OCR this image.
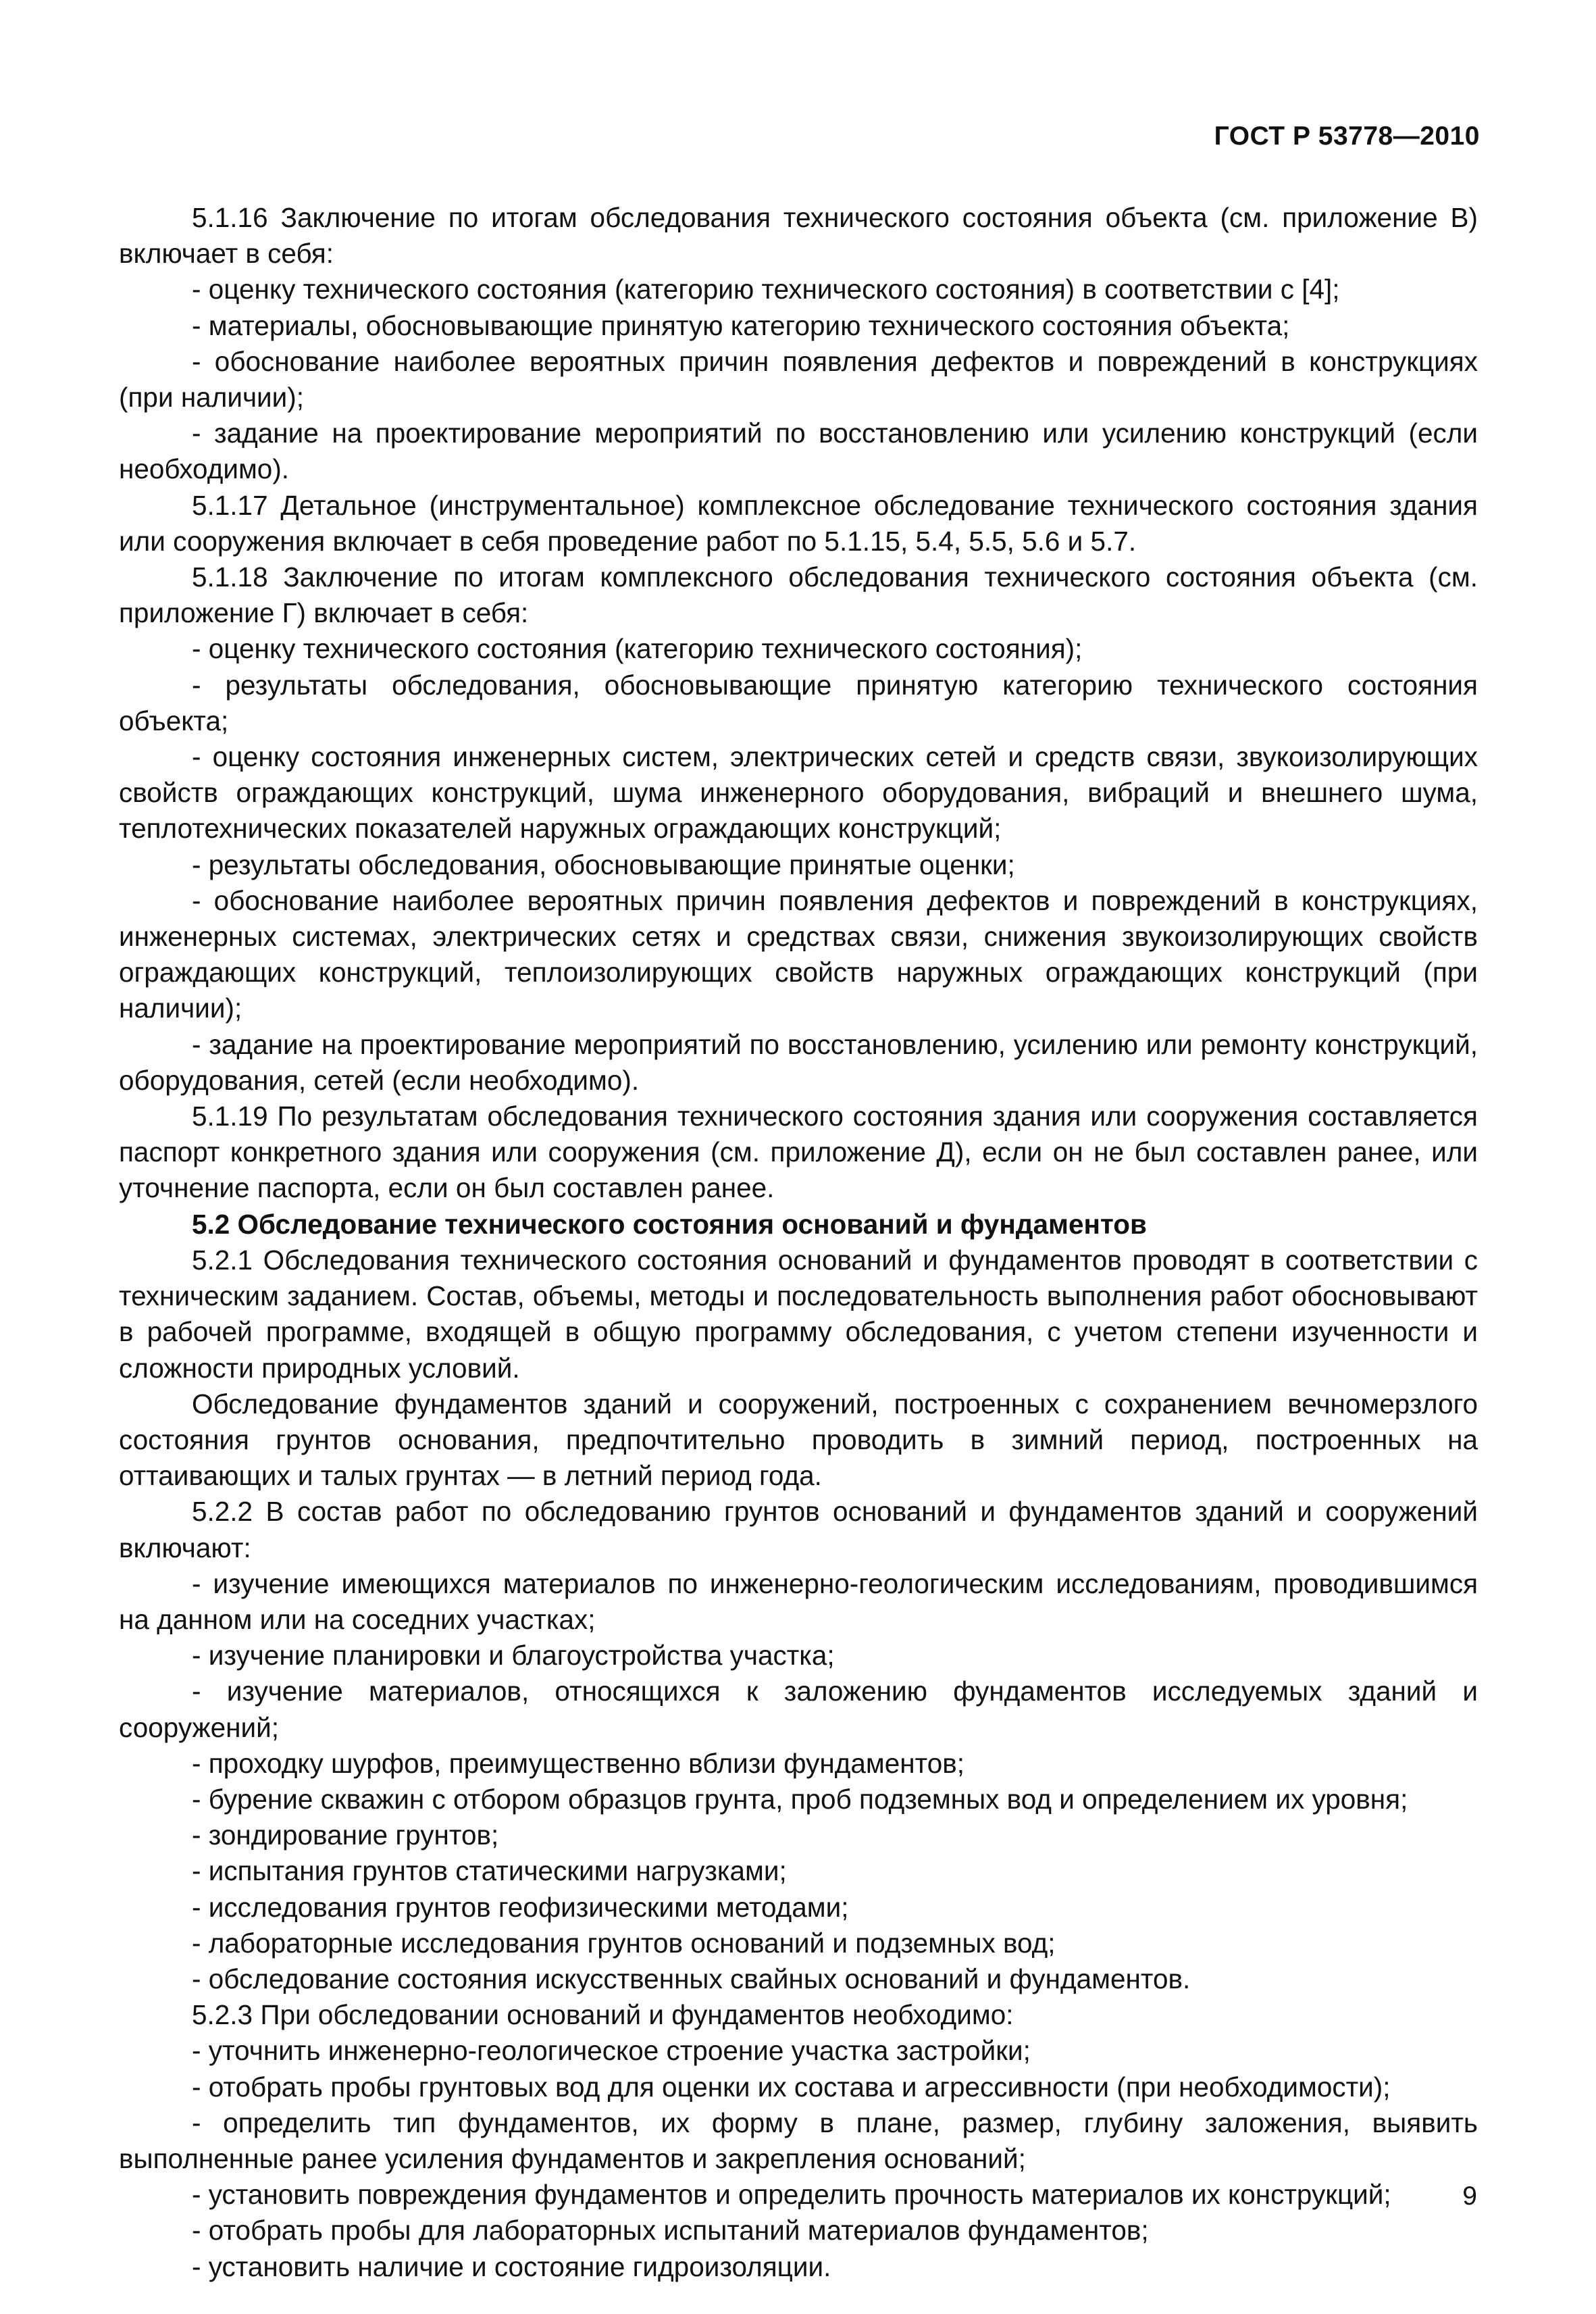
ГОСТ Р 53778—2010

5.1.16 Заключение по итогам обследования технического состояния объекта (см. приложение В) включает в себя:

- оценку технического состояния (категорию технического состояния) в соответствии с [4];

- материалы, обосновывающие принятую категорию технического состояния объекта;

- обоснование наиболее вероятных причин появления дефектов и повреждений в конструкциях (при наличии);

- задание на проектирование мероприятий по восстановлению или усилению конструкций (если необходимо).

5.1.17 Детальное (инструментальное) комплексное обследование технического состояния здания или сооружения включает в себя проведение работ по 5.1.15, 5.4, 5.5, 5.6 и 5.7.

5.1.18 Заключение по итогам комплексного обследования технического состояния объекта (см. приложение Г) включает в себя:

- оценку технического состояния (категорию технического состояния);

- результаты обследования, обосновывающие принятую категорию технического состояния объекта;

- оценку состояния инженерных систем, электрических сетей и средств связи, звукоизолирующих свойств ограждающих конструкций, шума инженерного оборудования, вибраций и внешнего шума, теплотехнических показателей наружных ограждающих конструкций;

- результаты обследования, обосновывающие принятые оценки;

- обоснование наиболее вероятных причин появления дефектов и повреждений в конструкциях, инженерных системах, электрических сетях и средствах связи, снижения звукоизолирующих свойств ограждающих конструкций, теплоизолирующих свойств наружных ограждающих конструкций (при наличии);

- задание на проектирование мероприятий по восстановлению, усилению или ремонту конструкций, оборудования, сетей (если необходимо).

5.1.19 По результатам обследования технического состояния здания или сооружения составляется паспорт конкретного здания или сооружения (см. приложение Д), если он не был составлен ранее, или уточнение паспорта, если он был составлен ранее.

5.2 Обследование технического состояния оснований и фундаментов

5.2.1 Обследования технического состояния оснований и фундаментов проводят в соответствии с техническим заданием. Состав, объемы, методы и последовательность выполнения работ обосновывают в рабочей программе, входящей в общую программу обследования, с учетом степени изученности и сложности природных условий.

Обследование фундаментов зданий и сооружений, построенных с сохранением вечномерзлого состояния грунтов основания, предпочтительно проводить в зимний период, построенных на оттаивающих и талых грунтах — в летний период года.

5.2.2 В состав работ по обследованию грунтов оснований и фундаментов зданий и сооружений включают:

- изучение имеющихся материалов по инженерно-геологическим исследованиям, проводившимся на данном или на соседних участках;

- изучение планировки и благоустройства участка;

- изучение материалов, относящихся к заложению фундаментов исследуемых зданий и сооружений;

- проходку шурфов, преимущественно вблизи фундаментов;

- бурение скважин с отбором образцов грунта, проб подземных вод и определением их уровня;

- зондирование грунтов;

- испытания грунтов статическими нагрузками;

- исследования грунтов геофизическими методами;

- лабораторные исследования грунтов оснований и подземных вод;

- обследование состояния искусственных свайных оснований и фундаментов.

5.2.3 При обследовании оснований и фундаментов необходимо:

- уточнить инженерно-геологическое строение участка застройки;

- отобрать пробы грунтовых вод для оценки их состава и агрессивности (при необходимости);

- определить тип фундаментов, их форму в плане, размер, глубину заложения, выявить выполненные ранее усиления фундаментов и закрепления оснований;

- установить повреждения фундаментов и определить прочность материалов их конструкций;

- отобрать пробы для лабораторных испытаний материалов фундаментов;

- установить наличие и состояние гидроизоляции.

9
